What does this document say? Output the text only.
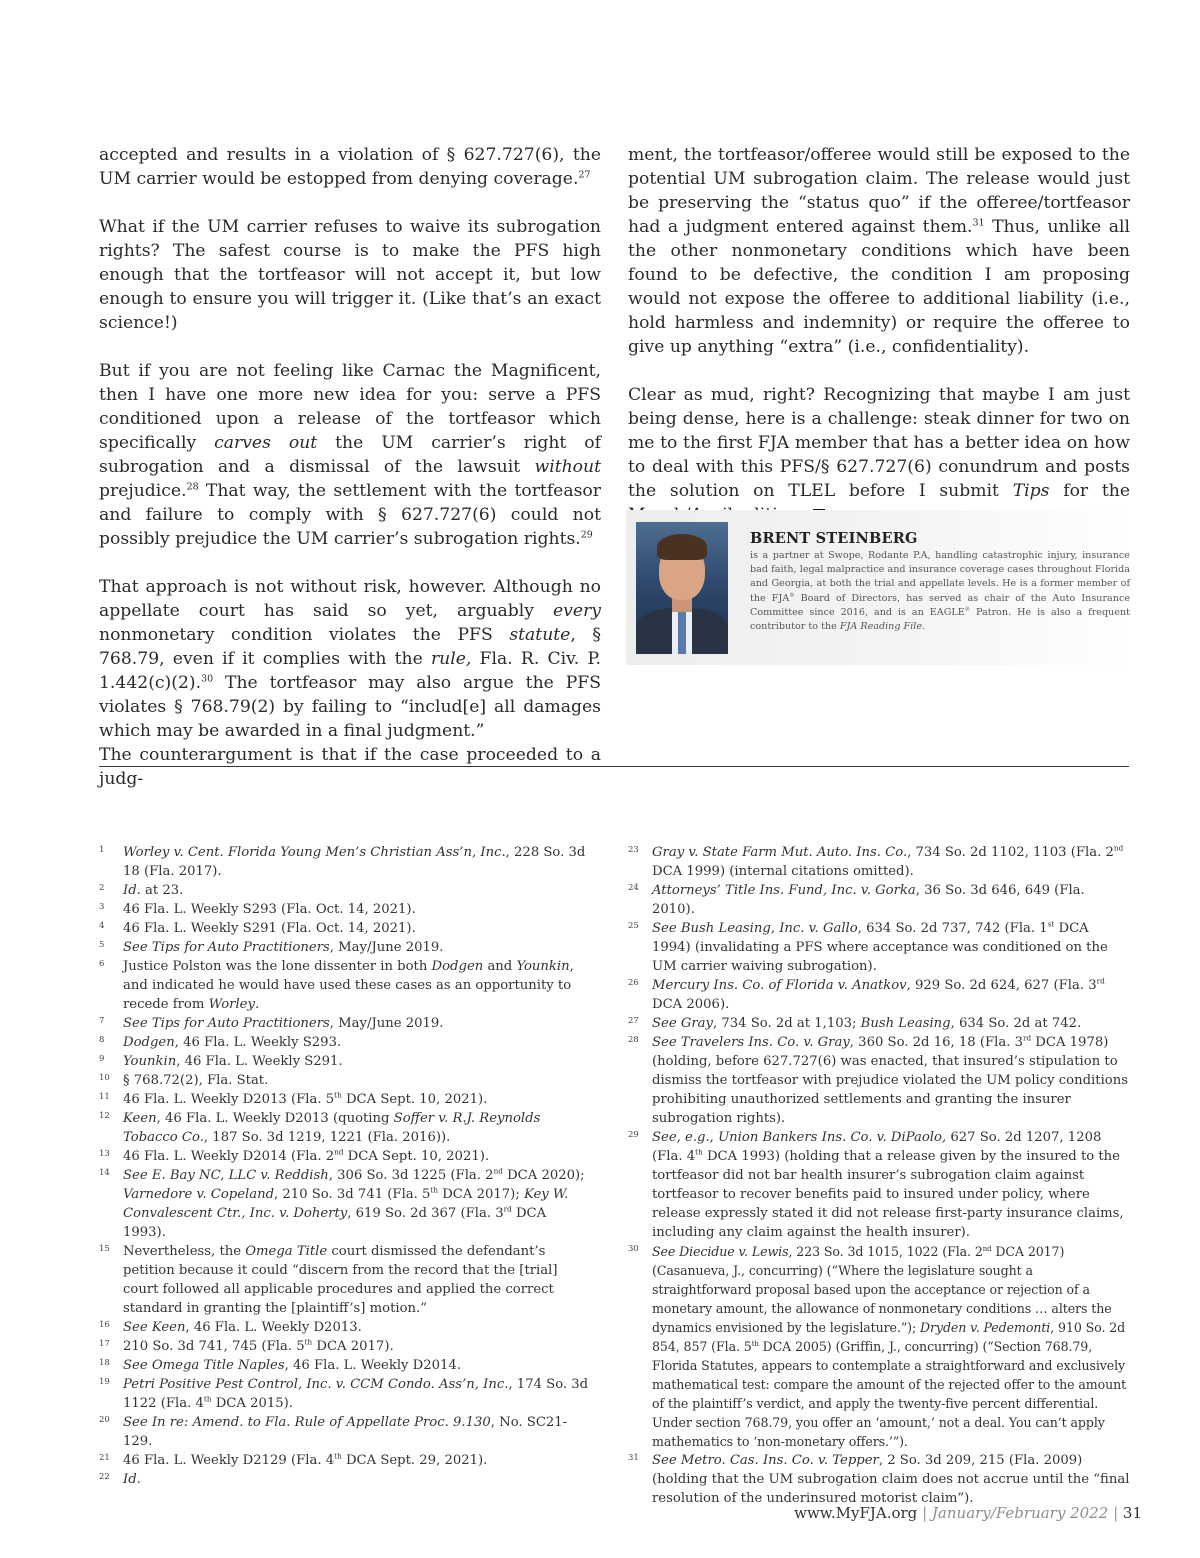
accepted and results in a violation of § 627.727(6), the UM carrier would be estopped from denying coverage.$^{27}$

What if the UM carrier refuses to waive its subrogation rights? The safest course is to make the PFS high enough that the tortfeasor will not accept it, but low enough to ensure you will trigger it. (Like that’s an exact science!)

But if you are not feeling like Carnac the Magnificent, then I have one more new idea for you: serve a PFS conditioned upon a release of the tortfeasor which specifically carves out the UM carrier’s right of subrogation and a dismissal of the lawsuit without prejudice.$^{28}$ That way, the settlement with the tortfeasor and failure to comply with § 627.727(6) could not possibly prejudice the UM carrier’s subrogation rights.$^{29}$

That approach is not without risk, however. Although no appellate court has said so yet, arguably every nonmonetary condition violates the PFS statute, § 768.79, even if it complies with the rule, Fla. R. Civ. P. 1.442(c)(2).$^{30}$ The tortfeasor may also argue the PFS violates § 768.79(2) by failing to “includ[e] all damages which may be awarded in a final judgment.”

The counterargument is that if the case proceeded to a judg-

ment, the tortfeasor/offeree would still be exposed to the potential UM subrogation claim. The release would just be preserving the “status quo” if the offeree/tortfeasor had a judgment entered against them.$^{31}$ Thus, unlike all the other nonmonetary conditions which have been found to be defective, the condition I am proposing would not expose the offeree to additional liability (i.e., hold harmless and indemnity) or require the offeree to give up anything “extra” (i.e., confidentiality).

Clear as mud, right? Recognizing that maybe I am just being dense, here is a challenge: steak dinner for two on me to the first FJA member that has a better idea on how to deal with this PFS/§ 627.727(6) conundrum and posts the solution on TLEL before I submit Tips for the

BRENT STEINBERG
is a partner at Swope, Rodante P.A, handling catastrophic injury, insurance bad faith, legal malpractice and insurance coverage cases throughout Florida and Georgia, at both the trial and appellate levels. He is a former member of the FJA® Board of Directors, has served as chair of the Auto Insurance Committee since 2016, and is an EAGLE® Patron. He is also a frequent contributor to the FJA Reading File.
1 Worley v. Cent. Florida Young Men’s Christian Ass’n, Inc., 228 So. 3d 18 (Fla. 2017).
2 Id. at 23.
3 46 Fla. L. Weekly S293 (Fla. Oct. 14, 2021).
4 46 Fla. L. Weekly S291 (Fla. Oct. 14, 2021).
5 See Tips for Auto Practitioners, May/June 2019.
6 Justice Polston was the lone dissenter in both Dodgen and Younkin, and indicated he would have used these cases as an opportunity to recede from Worley.
7 See Tips for Auto Practitioners, May/June 2019.
8 Dodgen, 46 Fla. L. Weekly S293.
9 Younkin, 46 Fla. L. Weekly S291.
10 § 768.72(2), Fla. Stat.
11 46 Fla. L. Weekly D2013 (Fla. 5th DCA Sept. 10, 2021).
12 Keen, 46 Fla. L. Weekly D2013 (quoting Soffer v. R.J. Reynolds Tobacco Co., 187 So. 3d 1219, 1221 (Fla. 2016)).
13 46 Fla. L. Weekly D2014 (Fla. 2nd DCA Sept. 10, 2021).
14 See E. Bay NC, LLC v. Reddish, 306 So. 3d 1225 (Fla. 2nd DCA 2020); Varnedore v. Copeland, 210 So. 3d 741 (Fla. 5th DCA 2017); Key W. Convalescent Ctr., Inc. v. Doherty, 619 So. 2d 367 (Fla. 3rd DCA 1993).
15 Nevertheless, the Omega Title court dismissed the defendant’s petition because it could “discern from the record that the [trial] court followed all applicable procedures and applied the correct standard in granting the [plaintiff’s] motion.”
16 See Keen, 46 Fla. L. Weekly D2013.
17 210 So. 3d 741, 745 (Fla. 5th DCA 2017).
18 See Omega Title Naples, 46 Fla. L. Weekly D2014.
19 Petri Positive Pest Control, Inc. v. CCM Condo. Ass’n, Inc., 174 So. 3d 1122 (Fla. 4th DCA 2015).
20 See In re: Amend. to Fla. Rule of Appellate Proc. 9.130, No. SC21-129.
21 46 Fla. L. Weekly D2129 (Fla. 4th DCA Sept. 29, 2021).
22 Id.
23 Gray v. State Farm Mut. Auto. Ins. Co., 734 So. 2d 1102, 1103 (Fla. 2nd DCA 1999) (internal citations omitted).
24 Attorneys’ Title Ins. Fund, Inc. v. Gorka, 36 So. 3d 646, 649 (Fla. 2010).
25 See Bush Leasing, Inc. v. Gallo, 634 So. 2d 737, 742 (Fla. 1st DCA 1994) (invalidating a PFS where acceptance was conditioned on the UM carrier waiving subrogation).
26 Mercury Ins. Co. of Florida v. Anatkov, 929 So. 2d 624, 627 (Fla. 3rd DCA 2006).
27 See Gray, 734 So. 2d at 1,103; Bush Leasing, 634 So. 2d at 742.
28 See Travelers Ins. Co. v. Gray, 360 So. 2d 16, 18 (Fla. 3rd DCA 1978) (holding, before 627.727(6) was enacted, that insured’s stipulation to dismiss the tortfeasor with prejudice violated the UM policy conditions prohibiting unauthorized settlements and granting the insurer subrogation rights).
29 See, e.g., Union Bankers Ins. Co. v. DiPaolo, 627 So. 2d 1207, 1208 (Fla. 4th DCA 1993) (holding that a release given by the insured to the tortfeasor did not bar health insurer’s subrogation claim against tortfeasor to recover benefits paid to insured under policy, where release expressly stated it did not release first-party insurance claims, including any claim against the health insurer).
30 See Diecidue v. Lewis, 223 So. 3d 1015, 1022 (Fla. 2nd DCA 2017) (Casanueva, J., concurring) (“Where the legislature sought a straightforward proposal based upon the acceptance or rejection of a monetary amount, the allowance of nonmonetary conditions … alters the dynamics envisioned by the legislature.”); Dryden v. Pedemonti, 910 So. 2d 854, 857 (Fla. 5th DCA 2005) (Griffin, J., concurring) (“Section 768.79, Florida Statutes, appears to contemplate a straightforward and exclusively mathematical test: compare the amount of the rejected offer to the amount of the plaintiff’s verdict, and apply the twenty-five percent differential. Under section 768.79, you offer an ‘amount,’ not a deal. You can’t apply mathematics to ‘non-monetary offers.’”).
31 See Metro. Cas. Ins. Co. v. Tepper, 2 So. 3d 209, 215 (Fla. 2009) (holding that the UM subrogation claim does not accrue until the “final resolution of the underinsured motorist claim”).
www.MyFJA.org | January/February 2022 | 31
